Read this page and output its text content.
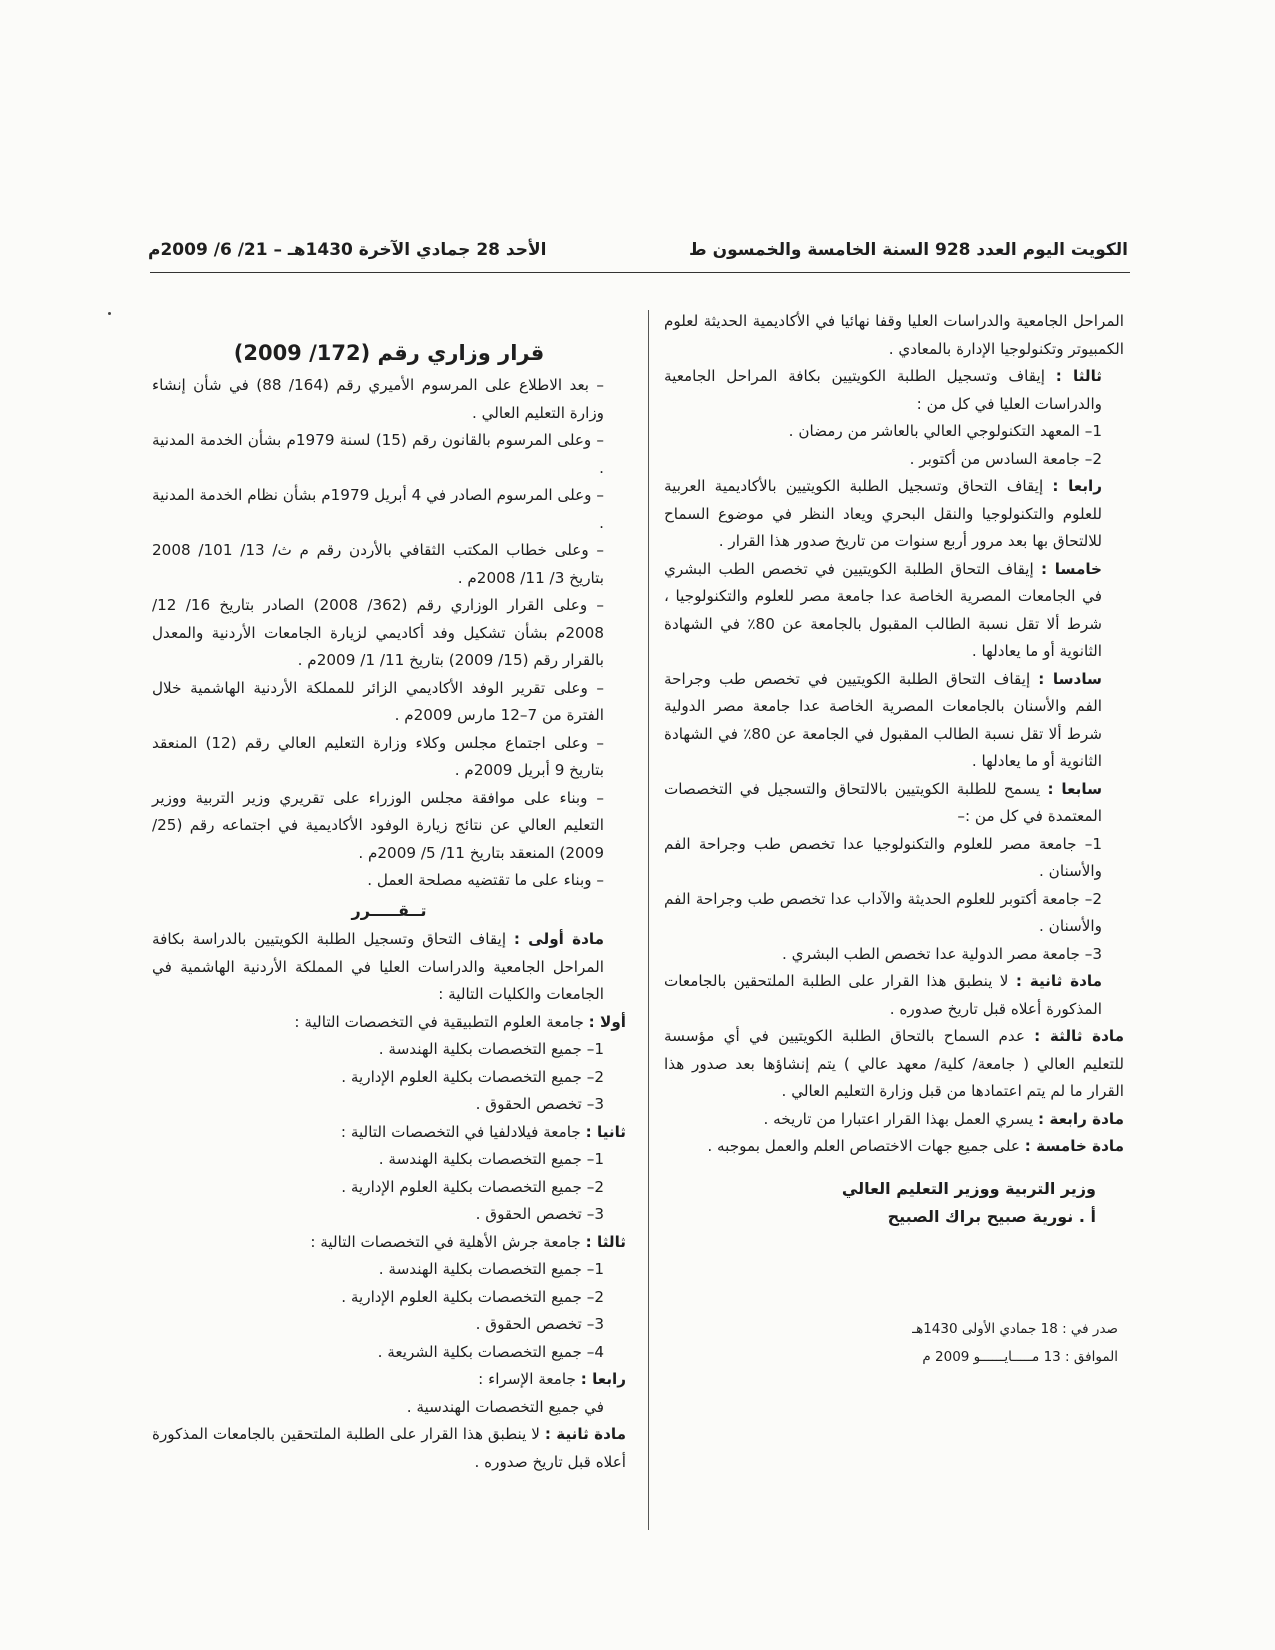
الكويت اليوم العدد 928 السنة الخامسة والخمسون ط
الأحد 28 جمادي الآخرة 1430هـ – 21/ 6/ 2009م

المراحل الجامعية والدراسات العليا وقفا نهائيا في الأكاديمية الحديثة لعلوم الكمبيوتر وتكنولوجيا الإدارة بالمعادي .

ثالثا : إيقاف وتسجيل الطلبة الكويتيين بكافة المراحل الجامعية والدراسات العليا في كل من :

1– المعهد التكنولوجي العالي بالعاشر من رمضان .

2– جامعة السادس من أكتوبر .

رابعا : إيقاف التحاق وتسجيل الطلبة الكويتيين بالأكاديمية العربية للعلوم والتكنولوجيا والنقل البحري ويعاد النظر في موضوع السماح للالتحاق بها بعد مرور أربع سنوات من تاريخ صدور هذا القرار .

خامسا : إيقاف التحاق الطلبة الكويتيين في تخصص الطب البشري في الجامعات المصرية الخاصة عدا جامعة مصر للعلوم والتكنولوجيا ، شرط ألا تقل نسبة الطالب المقبول بالجامعة عن 80٪ في الشهادة الثانوية أو ما يعادلها .

سادسا : إيقاف التحاق الطلبة الكويتيين في تخصص طب وجراحة الفم والأسنان بالجامعات المصرية الخاصة عدا جامعة مصر الدولية شرط ألا تقل نسبة الطالب المقبول في الجامعة عن 80٪ في الشهادة الثانوية أو ما يعادلها .

سابعا : يسمح للطلبة الكويتيين بالالتحاق والتسجيل في التخصصات المعتمدة في كل من :–

1– جامعة مصر للعلوم والتكنولوجيا عدا تخصص طب وجراحة الفم والأسنان .

2– جامعة أكتوبر للعلوم الحديثة والآداب عدا تخصص طب وجراحة الفم والأسنان .

3– جامعة مصر الدولية عدا تخصص الطب البشري .

مادة ثانية : لا ينطبق هذا القرار على الطلبة الملتحقين بالجامعات المذكورة أعلاه قبل تاريخ صدوره .

مادة ثالثة : عدم السماح بالتحاق الطلبة الكويتيين في أي مؤسسة للتعليم العالي ( جامعة/ كلية/ معهد عالي ) يتم إنشاؤها بعد صدور هذا القرار ما لم يتم اعتمادها من قبل وزارة التعليم العالي .

مادة رابعة : يسري العمل بهذا القرار اعتبارا من تاريخه .

مادة خامسة : على جميع جهات الاختصاص العلم والعمل بموجبه .

وزير التربية ووزير التعليم العالي
أ . نورية صبيح براك الصبيح
صدر في : 18 جمادي الأولى 1430هـ
الموافق : 13 مـــــايــــــو 2009 م
قرار وزاري رقم (172/ 2009)

– بعد الاطلاع على المرسوم الأميري رقم (164/ 88) في شأن إنشاء وزارة التعليم العالي .

– وعلى المرسوم بالقانون رقم (15) لسنة 1979م بشأن الخدمة المدنية .

– وعلى المرسوم الصادر في 4 أبريل 1979م بشأن نظام الخدمة المدنية .

– وعلى خطاب المكتب الثقافي بالأردن رقم م ث/ 13/ 101/ 2008 بتاريخ 3/ 11/ 2008م .

– وعلى القرار الوزاري رقم (362/ 2008) الصادر بتاريخ 16/ 12/ 2008م بشأن تشكيل وفد أكاديمي لزيارة الجامعات الأردنية والمعدل بالقرار رقم (15/ 2009) بتاريخ 11/ 1/ 2009م .

– وعلى تقرير الوفد الأكاديمي الزائر للمملكة الأردنية الهاشمية خلال الفترة من 7–12 مارس 2009م .

– وعلى اجتماع مجلس وكلاء وزارة التعليم العالي رقم (12) المنعقد بتاريخ 9 أبريل 2009م .

– وبناء على موافقة مجلس الوزراء على تقريري وزير التربية ووزير التعليم العالي عن نتائج زيارة الوفود الأكاديمية في اجتماعه رقم (25/ 2009) المنعقد بتاريخ 11/ 5/ 2009م .

– وبناء على ما تقتضيه مصلحة العمل .

تــقـــــرر

مادة أولى : إيقاف التحاق وتسجيل الطلبة الكويتيين بالدراسة بكافة المراحل الجامعية والدراسات العليا في المملكة الأردنية الهاشمية في الجامعات والكليات التالية :

أولا : جامعة العلوم التطبيقية في التخصصات التالية :

1– جميع التخصصات بكلية الهندسة .

2– جميع التخصصات بكلية العلوم الإدارية .

3– تخصص الحقوق .

ثانيا : جامعة فيلادلفيا في التخصصات التالية :

1– جميع التخصصات بكلية الهندسة .

2– جميع التخصصات بكلية العلوم الإدارية .

3– تخصص الحقوق .

ثالثا : جامعة جرش الأهلية في التخصصات التالية :

1– جميع التخصصات بكلية الهندسة .

2– جميع التخصصات بكلية العلوم الإدارية .

3– تخصص الحقوق .

4– جميع التخصصات بكلية الشريعة .

رابعا : جامعة الإسراء :

في جميع التخصصات الهندسية .

مادة ثانية : لا ينطبق هذا القرار على الطلبة الملتحقين بالجامعات المذكورة أعلاه قبل تاريخ صدوره .
